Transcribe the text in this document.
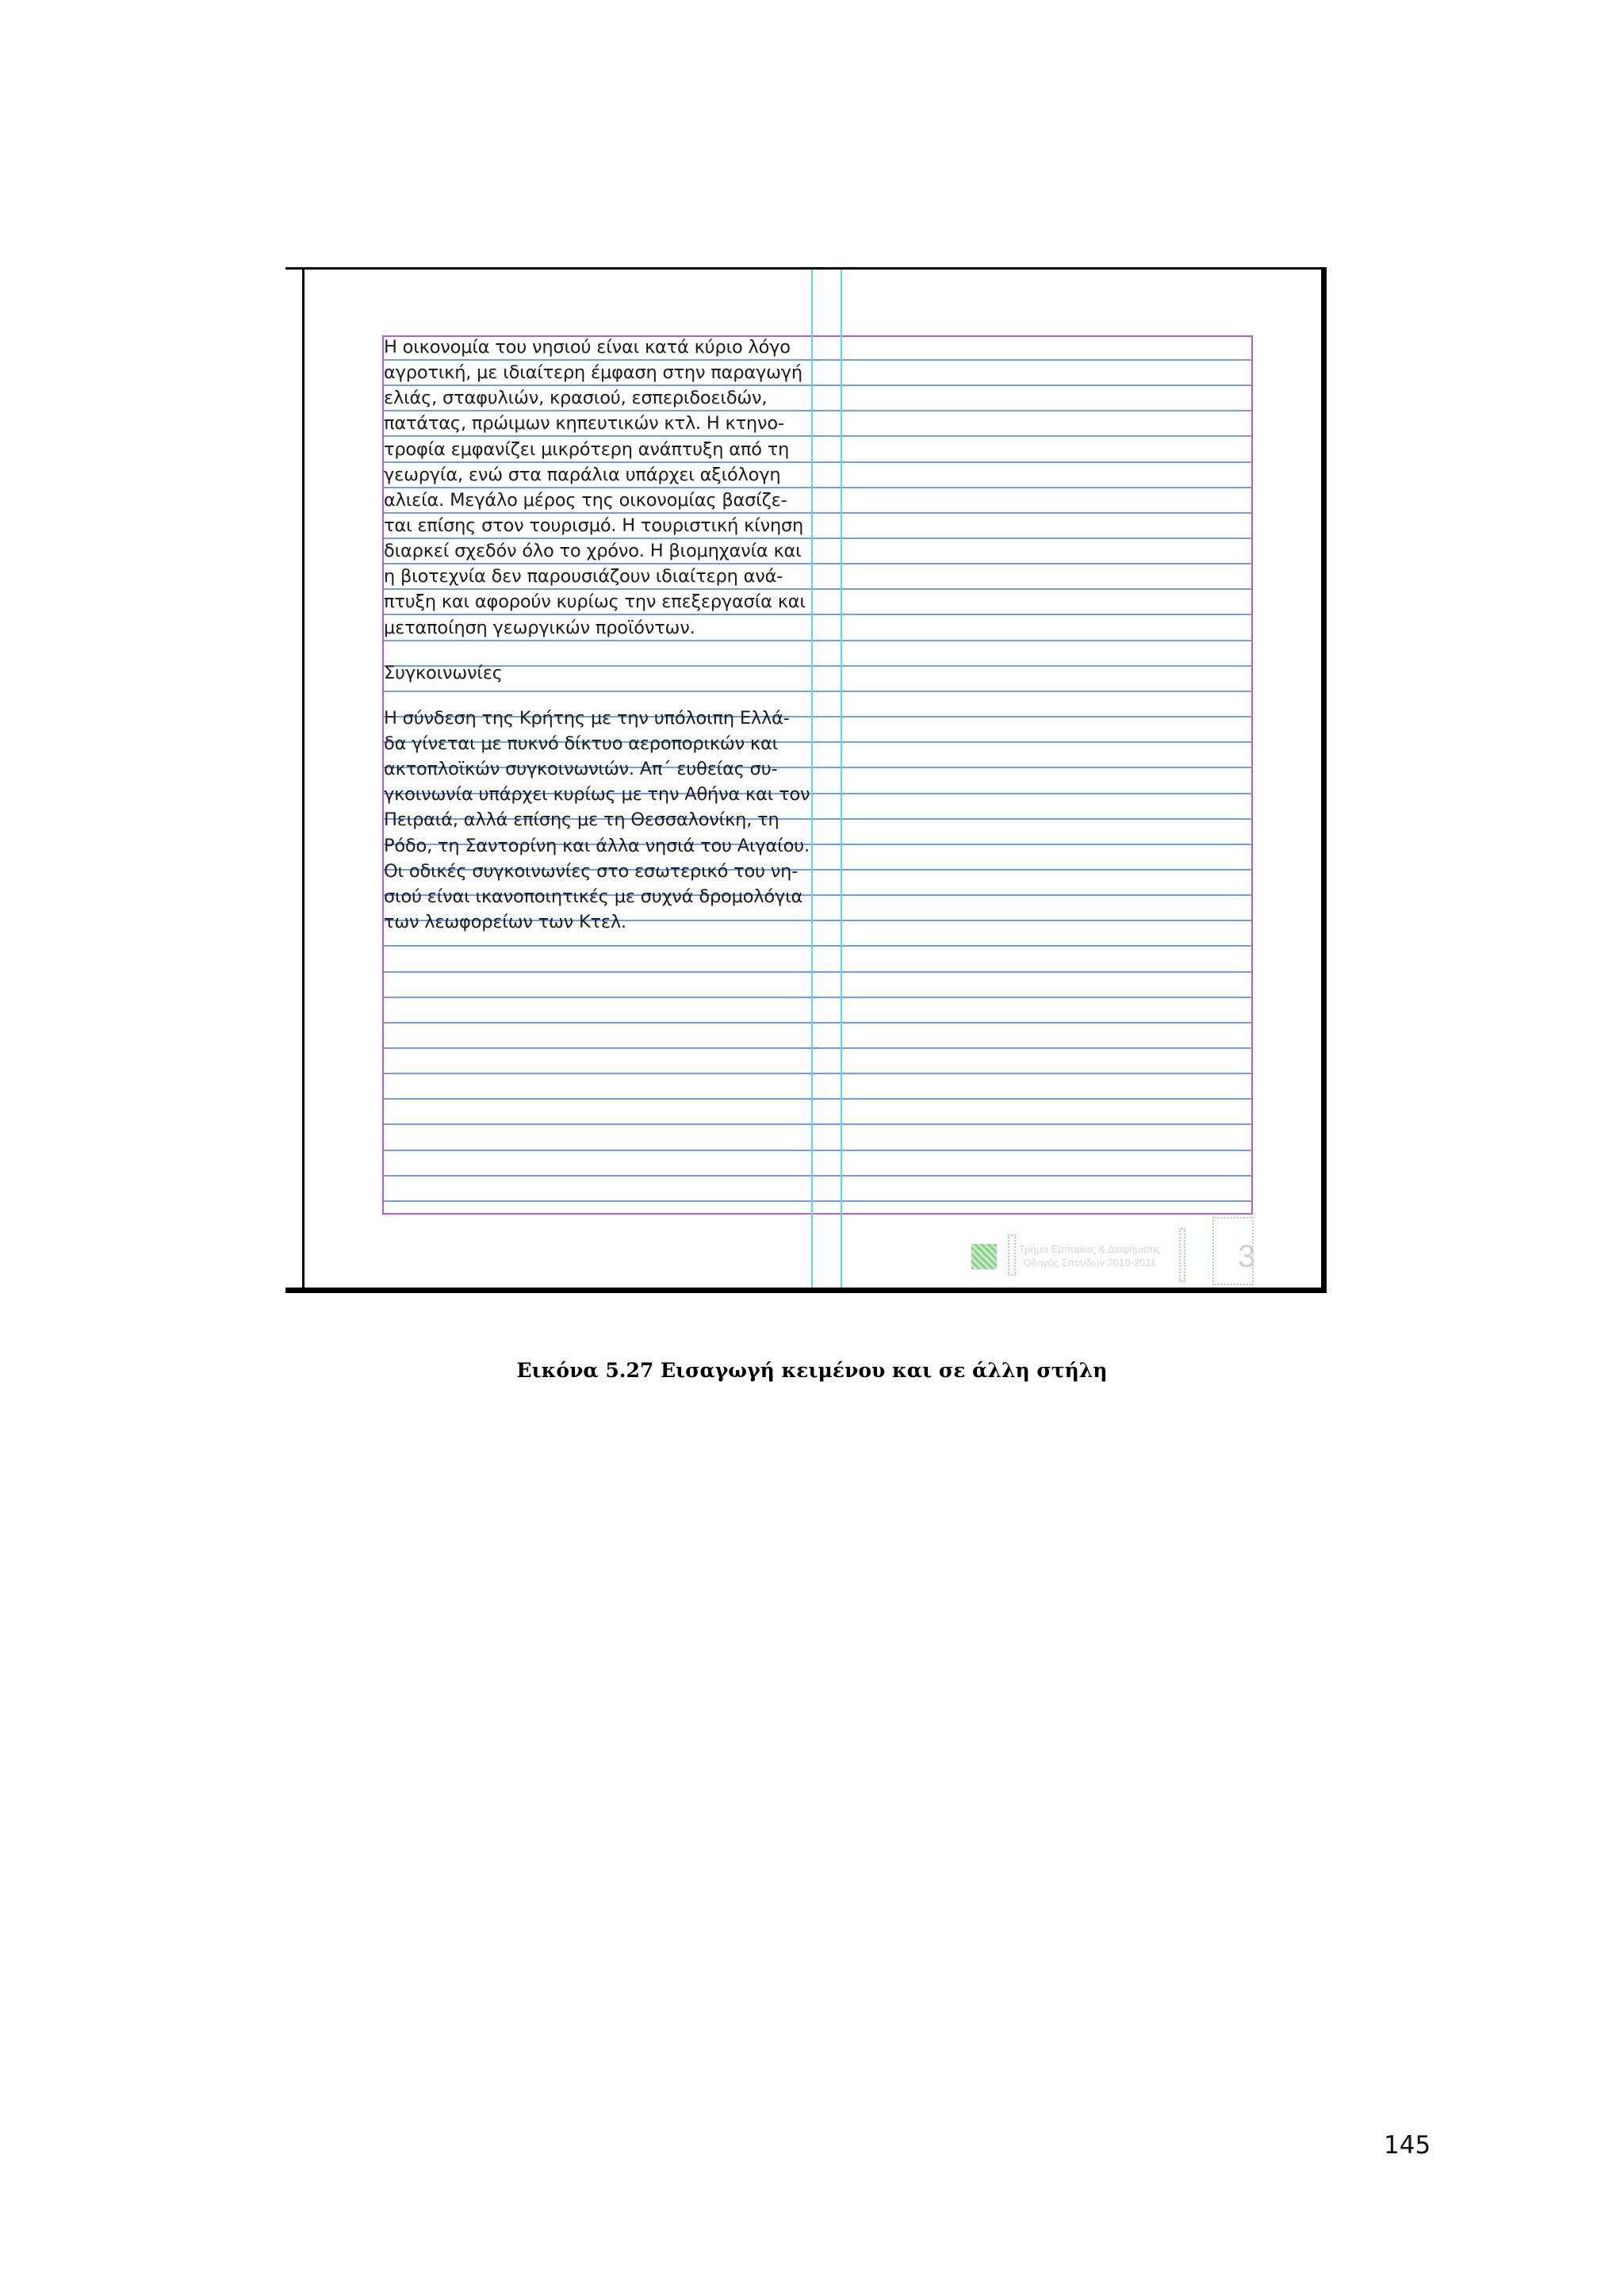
Η οικονομία του νησιού είναι κατά κύριο λόγο
αγροτική, με ιδιαίτερη έμφαση στην παραγωγή
ελιάς, σταφυλιών, κρασιού, εσπεριδοειδών,
πατάτας, πρώιμων κηπευτικών κτλ. Η κτηνο-
τροφία εμφανίζει μικρότερη ανάπτυξη από τη
γεωργία, ενώ στα παράλια υπάρχει αξιόλογη
αλιεία. Μεγάλο μέρος της οικονομίας βασίζε-
ται επίσης στον τουρισμό. Η τουριστική κίνηση
διαρκεί σχεδόν όλο το χρόνο. Η βιομηχανία και
η βιοτεχνία δεν παρουσιάζουν ιδιαίτερη ανά-
πτυξη και αφορούν κυρίως την επεξεργασία και
μεταποίηση γεωργικών προϊόντων.
Συγκοινωνίες
Η σύνδεση της Κρήτης με την υπόλοιπη Ελλά-
δα γίνεται με πυκνό δίκτυο αεροπορικών και
ακτοπλοϊκών συγκοινωνιών. Απ΄ ευθείας συ-
γκοινωνία υπάρχει κυρίως με την Αθήνα και τον
Πειραιά, αλλά επίσης με τη Θεσσαλονίκη, τη
Ρόδο, τη Σαντορίνη και άλλα νησιά του Αιγαίου.
Οι οδικές συγκοινωνίες στο εσωτερικό του νη-
σιού είναι ικανοποιητικές με συχνά δρομολόγια
των λεωφορείων των Κτελ.
Τμήμα Εμπορίας & Διαφήμισης
Οδηγός Σπουδών 2010-2011	3
Εικόνα 5.27 Εισαγωγή κειμένου και σε άλλη στήλη
145
